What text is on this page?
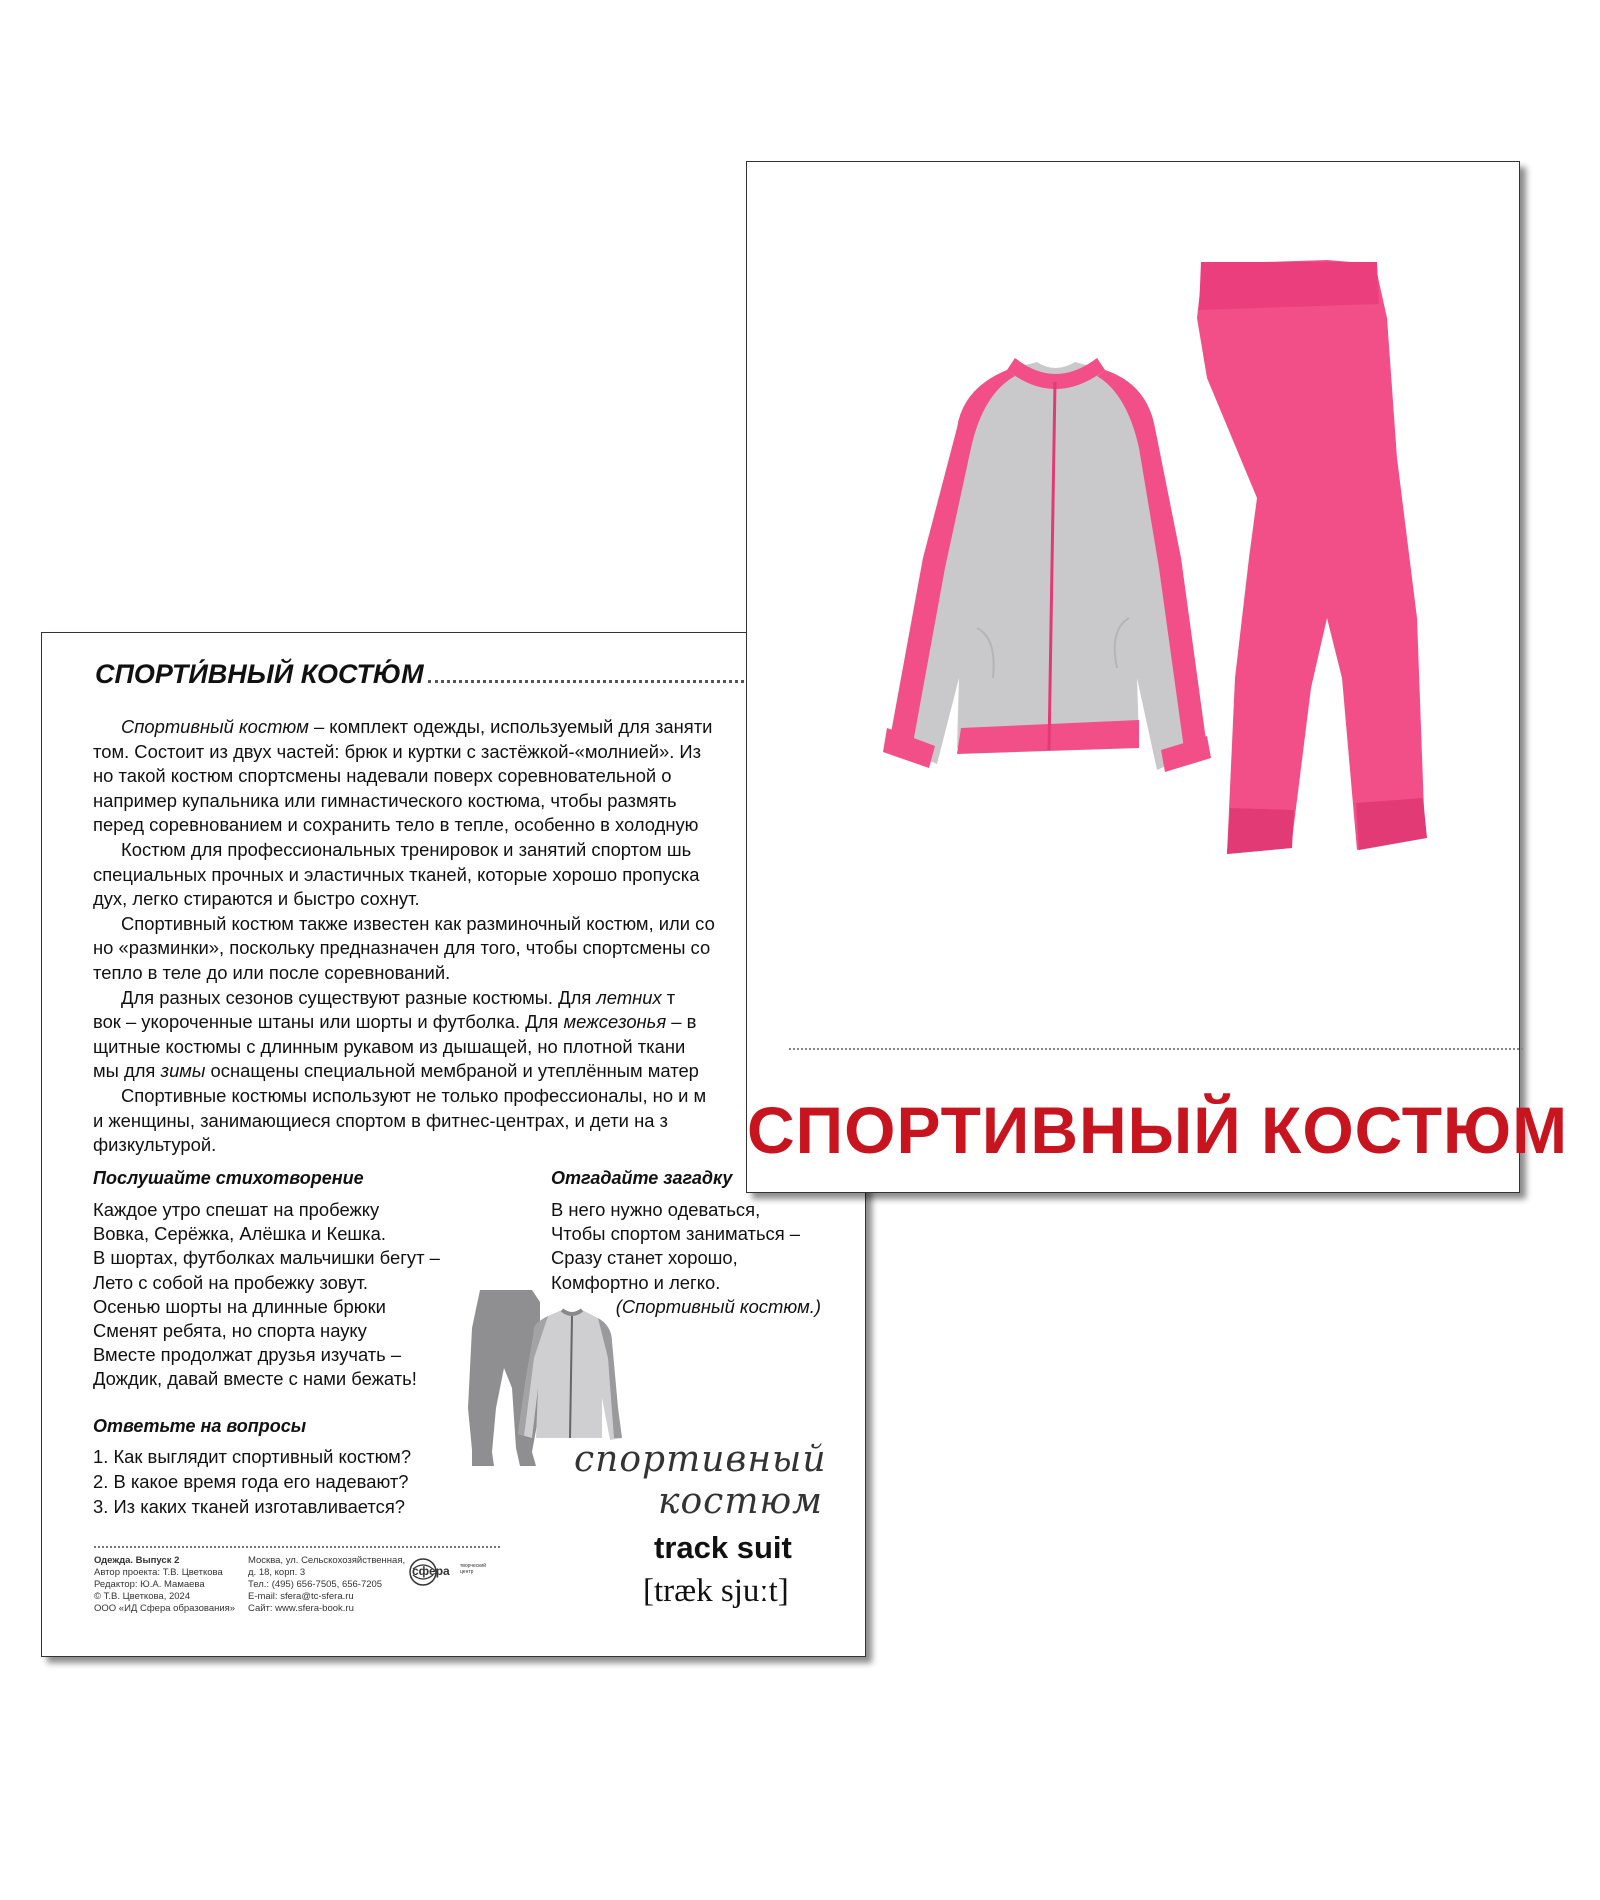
СПОРТИ́ВНЫЙ КОСТЮ́М

Спортивный костюм – комплект одежды, используемый для заняти

том. Состоит из двух частей: брюк и куртки с застёжкой-«молнией». Из

но такой костюм спортсмены надевали поверх соревновательной о

например купальника или гимнастического костюма, чтобы размять

перед соревнованием и сохранить тело в тепле, особенно в холодную

Костюм для профессиональных тренировок и занятий спортом шь

специальных прочных и эластичных тканей, которые хорошо пропуска

дух, легко стираются и быстро сохнут.

Спортивный костюм также известен как разминочный костюм, или со

но «разминки», поскольку предназначен для того, чтобы спортсмены со

тепло в теле до или после соревнований.

Для разных сезонов существуют разные костюмы. Для летних т

вок – укороченные штаны или шорты и футболка. Для межсезонья – в

щитные костюмы с длинным рукавом из дышащей, но плотной ткани

мы для зимы оснащены специальной мембраной и утеплённым матер

Спортивные костюмы используют не только профессионалы, но и м

и женщины, занимающиеся спортом в фитнес-центрах, и дети на з

физкультурой.

Послушайте стихотворение
Каждое утро спешат на пробежку
Вовка, Серёжка, Алёшка и Кешка.
В шортах, футболках мальчишки бегут –
Лето с собой на пробежку зовут.
Осенью шорты на длинные брюки
Сменят ребята, но спорта науку
Вместе продолжат друзья изучать –
Дождик, давай вместе с нами бежать!
Отгадайте загадку
В него нужно одеваться,
Чтобы спортом заниматься –
Сразу станет хорошо,
Комфортно и легко.
(Спортивный костюм.)
спортивный
костюм
track suit
[træk sjuːt]
Ответьте на вопросы
1. Как выглядит спортивный костюм?
2. В какое время года его надевают?
3. Из каких тканей изготавливается?
Одежда. Выпуск 2
Автор проекта: Т.В. Цветкова
Редактор: Ю.А. Мамаева
© Т.В. Цветкова, 2024
ООО «ИД Сфера образования»
Москва, ул. Сельскохозяйственная,
д. 18, корп. 3
Тел.: (495) 656-7505, 656-7205
E-mail: sfera@tc-sfera.ru
Сайт: www.sfera-book.ru
сфера творческий центр
СПОРТИВНЫЙ КОСТЮМ
